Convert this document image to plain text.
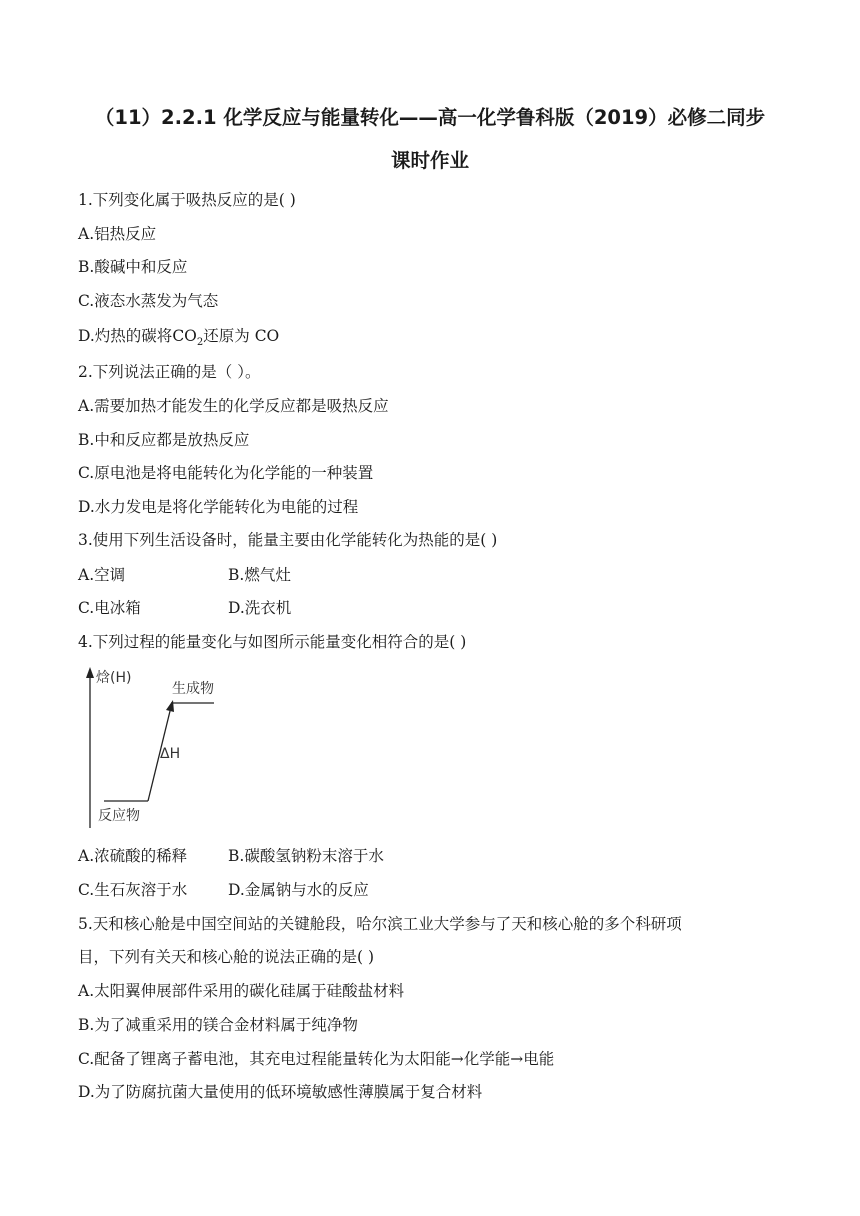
（11）2.2.1 化学反应与能量转化——高一化学鲁科版（2019）必修二同步
课时作业
1.下列变化属于吸热反应的是( )
A.铝热反应
B.酸碱中和反应
C.液态水蒸发为气态
D.灼热的碳将$CO_2$还原为 CO
2.下列说法正确的是（ ）。
A.需要加热才能发生的化学反应都是吸热反应
B.中和反应都是放热反应
C.原电池是将电能转化为化学能的一种装置
D.水力发电是将化学能转化为电能的过程
3.使用下列生活设备时，能量主要由化学能转化为热能的是( )
A.空调	B.燃气灶
C.电冰箱	D.洗衣机
4.下列过程的能量变化与如图所示能量变化相符合的是( )
焓(H)
生成物
ΔH
反应物
A.浓硫酸的稀释	B.碳酸氢钠粉末溶于水
C.生石灰溶于水	D.金属钠与水的反应
5.天和核心舱是中国空间站的关键舱段，哈尔滨工业大学参与了天和核心舱的多个科研项
目，下列有关天和核心舱的说法正确的是( )
A.太阳翼伸展部件采用的碳化硅属于硅酸盐材料
B.为了减重采用的镁合金材料属于纯净物
C.配备了锂离子蓄电池，其充电过程能量转化为太阳能→化学能→电能
D.为了防腐抗菌大量使用的低环境敏感性薄膜属于复合材料
